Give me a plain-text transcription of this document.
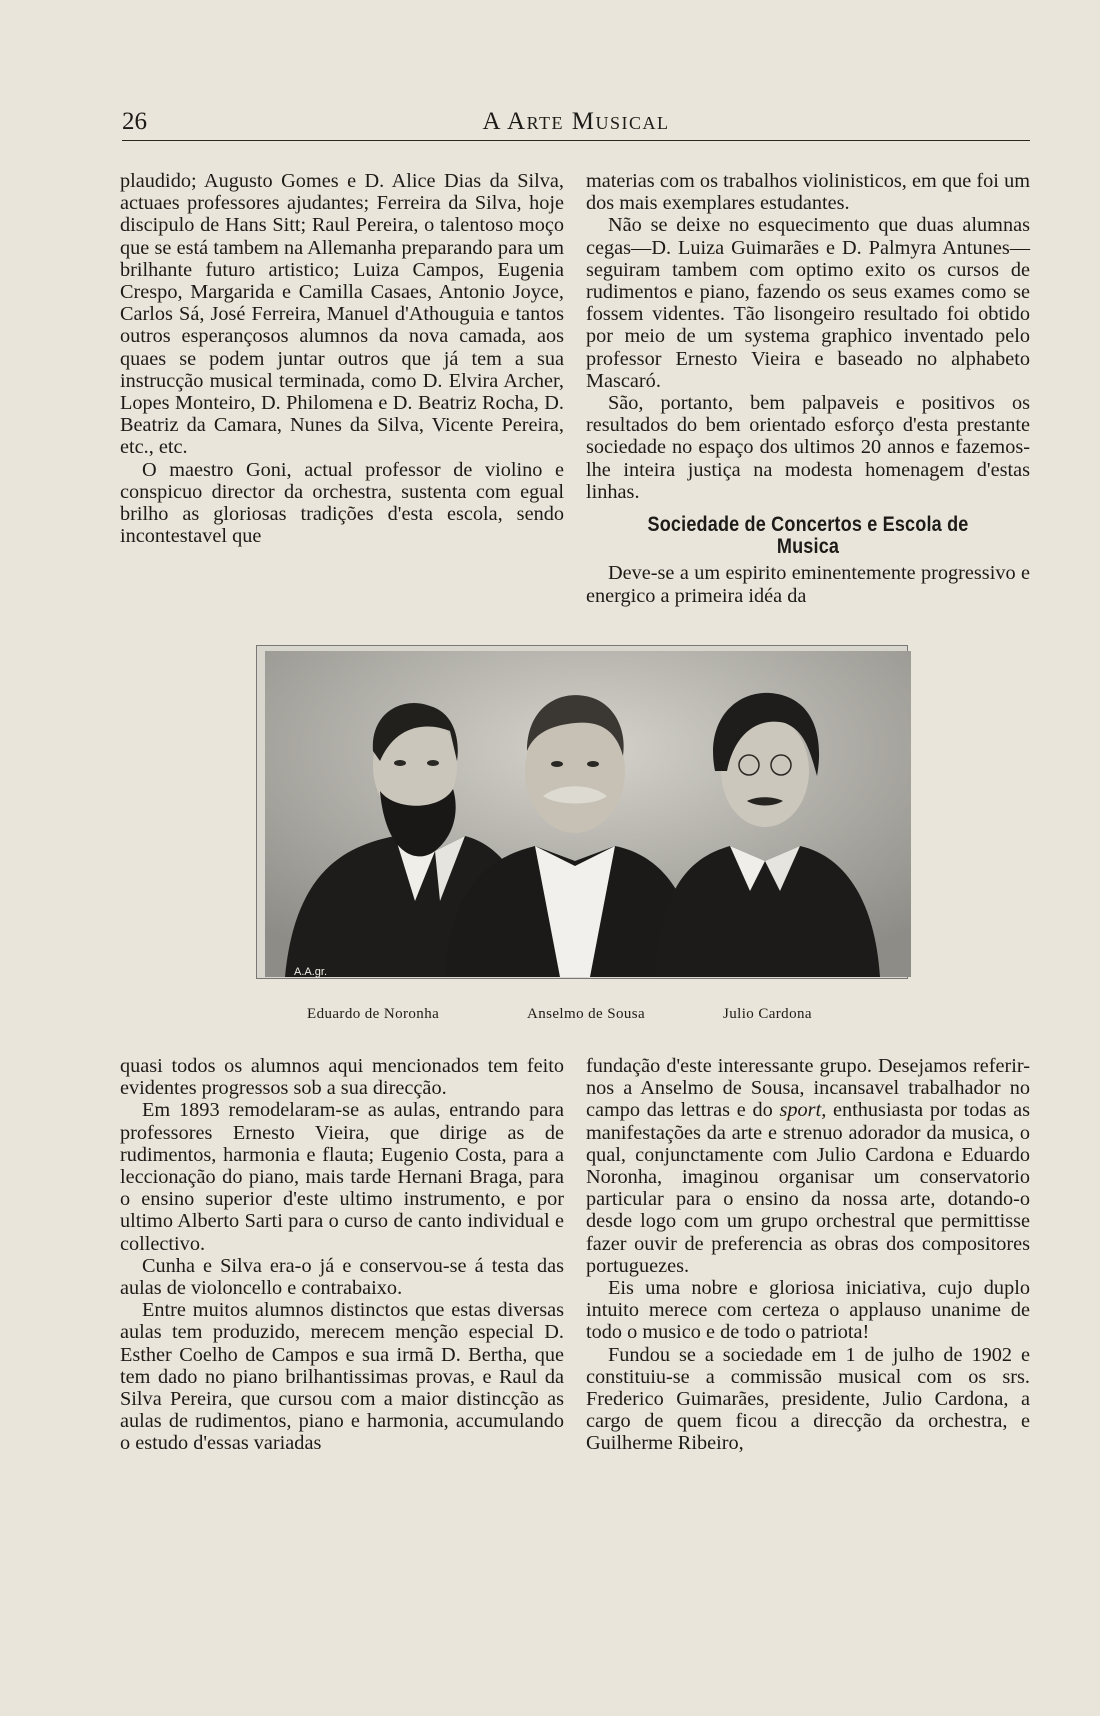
26	A Arte Musical

plaudido; Augusto Gomes e D. Alice Dias da Silva, actuaes professores ajudantes; Ferreira da Silva, hoje discipulo de Hans Sitt; Raul Pereira, o talentoso moço que se está tambem na Allemanha preparando para um brilhante futuro artistico; Luiza Campos, Eugenia Crespo, Margarida e Camilla Casaes, Antonio Joyce, Carlos Sá, José Ferreira, Manuel d'Athouguia e tantos outros esperançosos alumnos da nova camada, aos quaes se podem juntar outros que já tem a sua instrucção musical terminada, como D. Elvira Archer, Lopes Monteiro, D. Philomena e D. Beatriz Rocha, D. Beatriz da Camara, Nunes da Silva, Vicente Pereira, etc., etc.

O maestro Goni, actual professor de violino e conspicuo director da orchestra, sustenta com egual brilho as gloriosas tradições d'esta escola, sendo incontestavel que

materias com os trabalhos violinisticos, em que foi um dos mais exemplares estudantes.

Não se deixe no esquecimento que duas alumnas cegas—D. Luiza Guimarães e D. Palmyra Antunes—seguiram tambem com optimo exito os cursos de rudimentos e piano, fazendo os seus exames como se fossem videntes. Tão lisongeiro resultado foi obtido por meio de um systema graphico inventado pelo professor Ernesto Vieira e baseado no alphabeto Mascaró.

São, portanto, bem palpaveis e positivos os resultados do bem orientado esforço d'esta prestante sociedade no espaço dos ultimos 20 annos e fazemos-lhe inteira justiça na modesta homenagem d'estas linhas.

Sociedade de Concertos e Escola de Musica

Deve-se a um espirito eminentemente progressivo e energico a primeira idéa da

A.A.gr.
Eduardo de Noronha	Anselmo de Sousa	Julio Cardona

quasi todos os alumnos aqui mencionados tem feito evidentes progressos sob a sua direcção.

Em 1893 remodelaram-se as aulas, entrando para professores Ernesto Vieira, que dirige as de rudimentos, harmonia e flauta; Eugenio Costa, para a leccionação do piano, mais tarde Hernani Braga, para o ensino superior d'este ultimo instrumento, e por ultimo Alberto Sarti para o curso de canto individual e collectivo.

Cunha e Silva era-o já e conservou-se á testa das aulas de violoncello e contrabaixo.

Entre muitos alumnos distinctos que estas diversas aulas tem produzido, merecem menção especial D. Esther Coelho de Campos e sua irmã D. Bertha, que tem dado no piano brilhantissimas provas, e Raul da Silva Pereira, que cursou com a maior distincção as aulas de rudimentos, piano e harmonia, accumulando o estudo d'essas variadas

fundação d'este interessante grupo. Desejamos referir-nos a Anselmo de Sousa, incansavel trabalhador no campo das lettras e do sport, enthusiasta por todas as manifestações da arte e strenuo adorador da musica, o qual, conjunctamente com Julio Cardona e Eduardo Noronha, imaginou organisar um conservatorio particular para o ensino da nossa arte, dotando-o desde logo com um grupo orchestral que permittisse fazer ouvir de preferencia as obras dos compositores portuguezes.

Eis uma nobre e gloriosa iniciativa, cujo duplo intuito merece com certeza o applauso unanime de todo o musico e de todo o patriota!

Fundou se a sociedade em 1 de julho de 1902 e constituiu-se a commissão musical com os srs. Frederico Guimarães, presidente, Julio Cardona, a cargo de quem ficou a direcção da orchestra, e Guilherme Ribeiro,
